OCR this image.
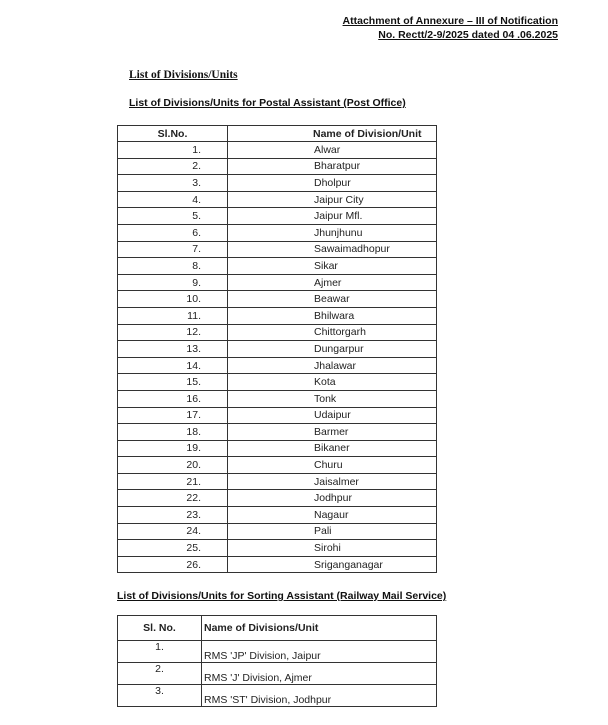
Attachment of Annexure – III of Notification
No. Rectt/2-9/2025 dated 04 .06.2025
List of Divisions/Units
List of Divisions/Units for Postal Assistant (Post Office)
Sl.No.	Name of Division/Unit
1.	Alwar
2.	Bharatpur
3.	Dholpur
4.	Jaipur City
5.	Jaipur Mfl.
6.	Jhunjhunu
7.	Sawaimadhopur
8.	Sikar
9.	Ajmer
10.	Beawar
11.	Bhilwara
12.	Chittorgarh
13.	Dungarpur
14.	Jhalawar
15.	Kota
16.	Tonk
17.	Udaipur
18.	Barmer
19.	Bikaner
20.	Churu
21.	Jaisalmer
22.	Jodhpur
23.	Nagaur
24.	Pali
25.	Sirohi
26.	Sriganganagar
List of Divisions/Units for Sorting Assistant (Railway Mail Service)
Sl. No.	Name of Divisions/Unit
1.	RMS 'JP' Division, Jaipur
2.	RMS 'J' Division, Ajmer
3.	RMS 'ST' Division, Jodhpur
